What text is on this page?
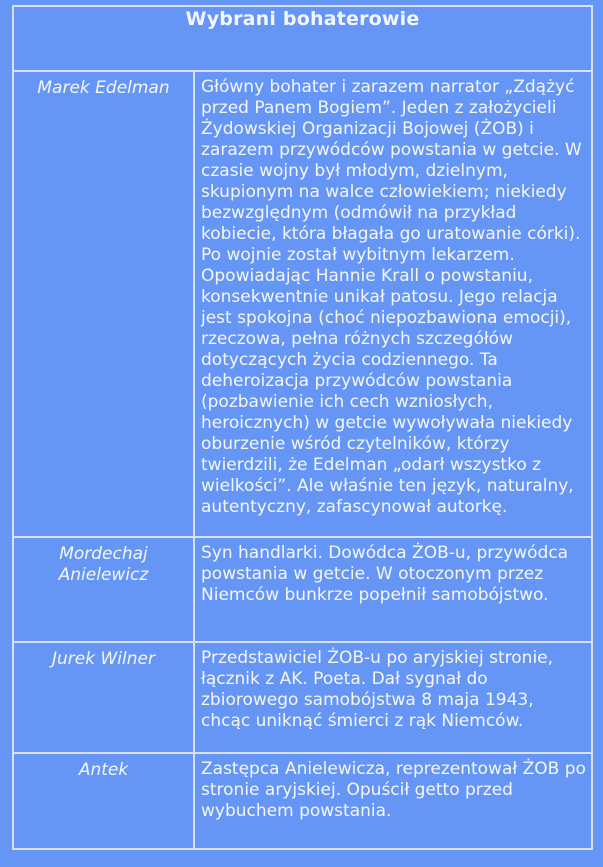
Wybrani bohaterowie	
Marek Edelman	Główny bohater i zarazem narrator „Zdążyć przed Panem Bogiem”. Jeden z założycieli Żydowskiej Organizacji Bojowej (ŻOB) i zarazem przywódców powstania w getcie. W czasie wojny był młodym, dzielnym, skupionym na walce człowiekiem; niekiedy bezwzględnym (odmówił na przykład kobiecie, która błagała go uratowanie córki). Po wojnie został wybitnym lekarzem. Opowiadając Hannie Krall o powstaniu, konsekwentnie unikał patosu. Jego relacja jest spokojna (choć niepozbawiona emocji), rzeczowa, pełna różnych szczegółów dotyczących życia codziennego. Ta deheroizacja przywódców powstania (pozbawienie ich cech wzniosłych, heroicznych) w getcie wywoływała niekiedy oburzenie wśród czytelników, którzy twierdzili, że Edelman „odarł wszystko z wielkości”. Ale właśnie ten język, naturalny, autentyczny, zafascynował autorkę.
Mordechaj Anielewicz	Syn handlarki. Dowódca ŻOB-u, przywódca powstania w getcie. W otoczonym przez Niemców bunkrze popełnił samobójstwo.
Jurek Wilner	Przedstawiciel ŻOB-u po aryjskiej stronie, łącznik z AK. Poeta. Dał sygnał do zbiorowego samobójstwa 8 maja 1943, chcąc uniknąć śmierci z rąk Niemców.
Antek	Zastępca Anielewicza, reprezentował ŻOB po stronie aryjskiej. Opuścił getto przed wybuchem powstania.
